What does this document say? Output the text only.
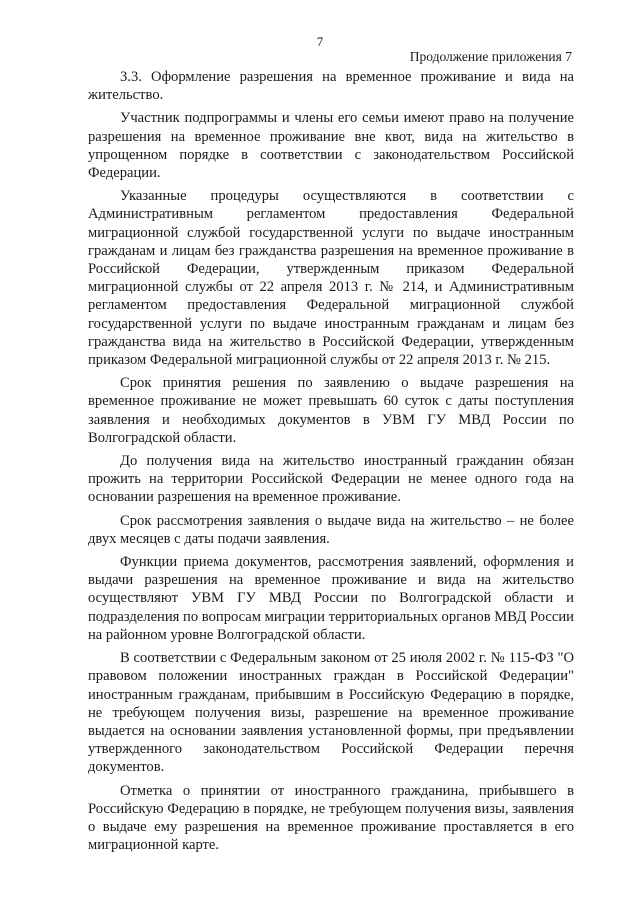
7
Продолжение приложения 7

3.3. Оформление разрешения на временное проживание и вида на жительство.

Участник подпрограммы и члены его семьи имеют право на получение разрешения на временное проживание вне квот, вида на жительство в упрощенном порядке в соответствии с законодательством Российской Федерации.

Указанные процедуры осуществляются в соответствии с Административным регламентом предоставления Федеральной миграционной службой государственной услуги по выдаче иностранным гражданам и лицам без гражданства разрешения на временное проживание в Российской Федерации, утвержденным приказом Федеральной миграционной службы от 22 апреля 2013 г. № 214, и Административным регламентом предоставления Федеральной миграционной службой государственной услуги по выдаче иностранным гражданам и лицам без гражданства вида на жительство в Российской Федерации, утвержденным приказом Федеральной миграционной службы от 22 апреля 2013 г. № 215.

Срок принятия решения по заявлению о выдаче разрешения на временное проживание не может превышать 60 суток с даты поступления заявления и необходимых документов в УВМ ГУ МВД России по Волгоградской области.

До получения вида на жительство иностранный гражданин обязан прожить на территории Российской Федерации не менее одного года на основании разрешения на временное проживание.

Срок рассмотрения заявления о выдаче вида на жительство – не более двух месяцев с даты подачи заявления.

Функции приема документов, рассмотрения заявлений, оформления и выдачи разрешения на временное проживание и вида на жительство осуществляют УВМ ГУ МВД России по Волгоградской области и подразделения по вопросам миграции территориальных органов МВД России на районном уровне Волгоградской области.

В соответствии с Федеральным законом от 25 июля 2002 г. № 115-ФЗ "О правовом положении иностранных граждан в Российской Федерации" иностранным гражданам, прибывшим в Российскую Федерацию в порядке, не требующем получения визы, разрешение на временное проживание выдается на основании заявления установленной формы, при предъявлении утвержденного законодательством Российской Федерации перечня документов.

Отметка о принятии от иностранного гражданина, прибывшего в Российскую Федерацию в порядке, не требующем получения визы, заявления о выдаче ему разрешения на временное проживание проставляется в его миграционной карте.
